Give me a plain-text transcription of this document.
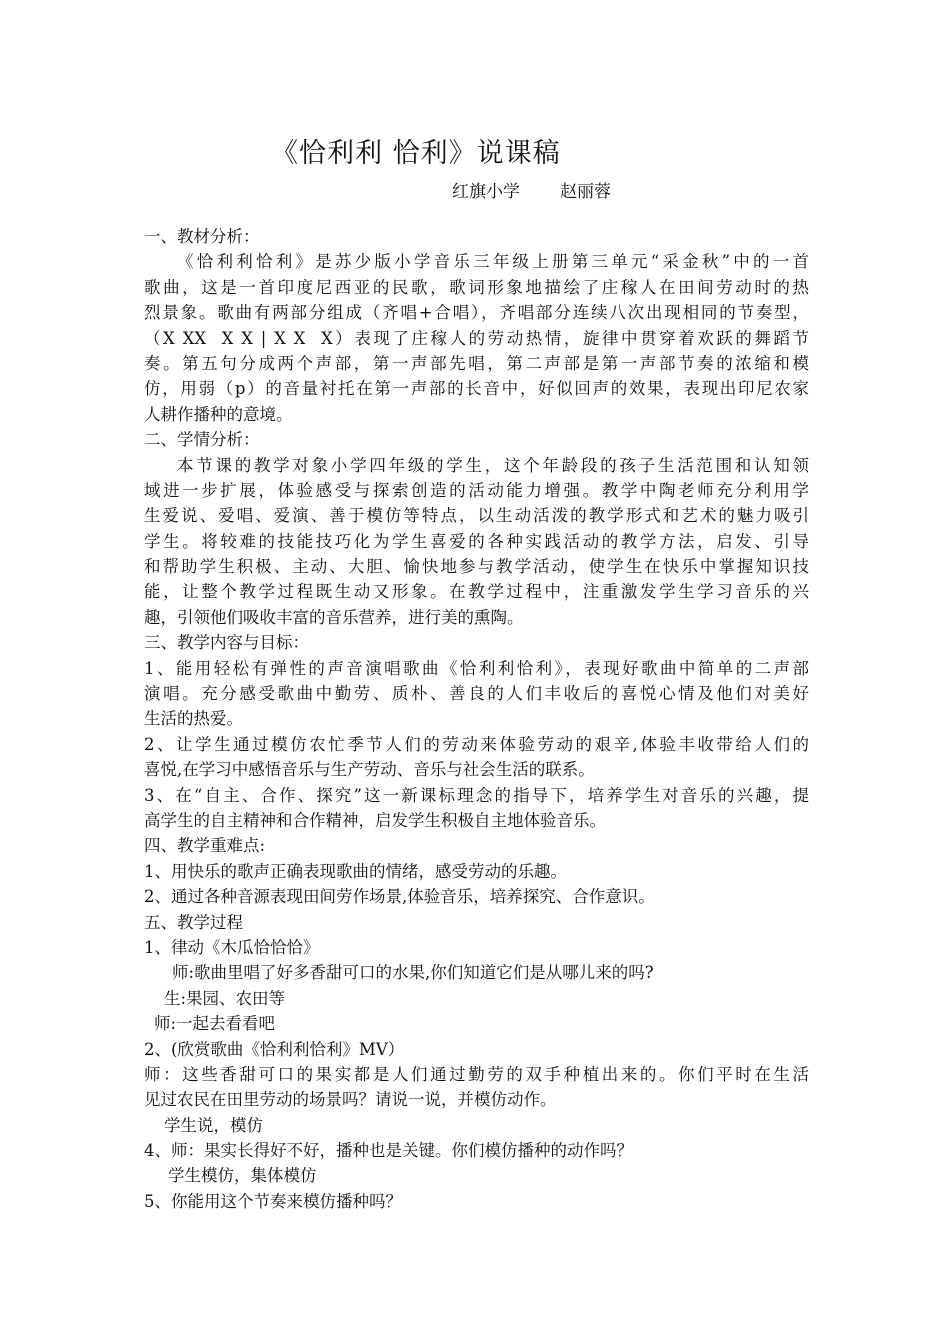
《恰利利 恰利》说课稿
红旗小学 赵丽蓉
一、教材分析：
《恰利利恰利》是苏少版小学音乐三年级上册第三单元“采金秋”中的一首
歌曲，这是一首印度尼西亚的民歌，歌词形象地描绘了庄稼人在田间劳动时的热
烈景象。歌曲有两部分组成（齐唱+合唱），齐唱部分连续八次出现相同的节奏型，
（X XX  X X | X X  X）表现了庄稼人的劳动热情，旋律中贯穿着欢跃的舞蹈节
奏。第五句分成两个声部，第一声部先唱，第二声部是第一声部节奏的浓缩和模
仿，用弱（p）的音量衬托在第一声部的长音中，好似回声的效果，表现出印尼农家
人耕作播种的意境。
二、学情分析：
本节课的教学对象小学四年级的学生，这个年龄段的孩子生活范围和认知领
域进一步扩展，体验感受与探索创造的活动能力增强。教学中陶老师充分利用学
生爱说、爱唱、爱演、善于模仿等特点，以生动活泼的教学形式和艺术的魅力吸引
学生。将较难的技能技巧化为学生喜爱的各种实践活动的教学方法，启发、引导
和帮助学生积极、主动、大胆、愉快地参与教学活动，使学生在快乐中掌握知识技
能，让整个教学过程既生动又形象。在教学过程中，注重激发学生学习音乐的兴
趣，引领他们吸收丰富的音乐营养，进行美的熏陶。
三、教学内容与目标：
1、能用轻松有弹性的声音演唱歌曲《恰利利恰利》，表现好歌曲中简单的二声部
演唱。充分感受歌曲中勤劳、质朴、善良的人们丰收后的喜悦心情及他们对美好
生活的热爱。
2、让学生通过模仿农忙季节人们的劳动来体验劳动的艰辛,体验丰收带给人们的
喜悦,在学习中感悟音乐与生产劳动、音乐与社会生活的联系。
3、在“自主、合作、探究”这一新课标理念的指导下，培养学生对音乐的兴趣，提
高学生的自主精神和合作精神，启发学生积极自主地体验音乐。
四、教学重难点:
1、用快乐的歌声正确表现歌曲的情绪，感受劳动的乐趣。
2、通过各种音源表现田间劳作场景,体验音乐，培养探究、合作意识。
五、教学过程
1、律动《木瓜恰恰恰》
师:歌曲里唱了好多香甜可口的水果,你们知道它们是从哪儿来的吗?
生:果园、农田等
师:一起去看看吧
2、(欣赏歌曲《恰利利恰利》MV）
师：这些香甜可口的果实都是人们通过勤劳的双手种植出来的。你们平时在生活
见过农民在田里劳动的场景吗？请说一说，并模仿动作。
学生说，模仿
4、师：果实长得好不好，播种也是关键。你们模仿播种的动作吗？
学生模仿，集体模仿
5、你能用这个节奏来模仿播种吗？
